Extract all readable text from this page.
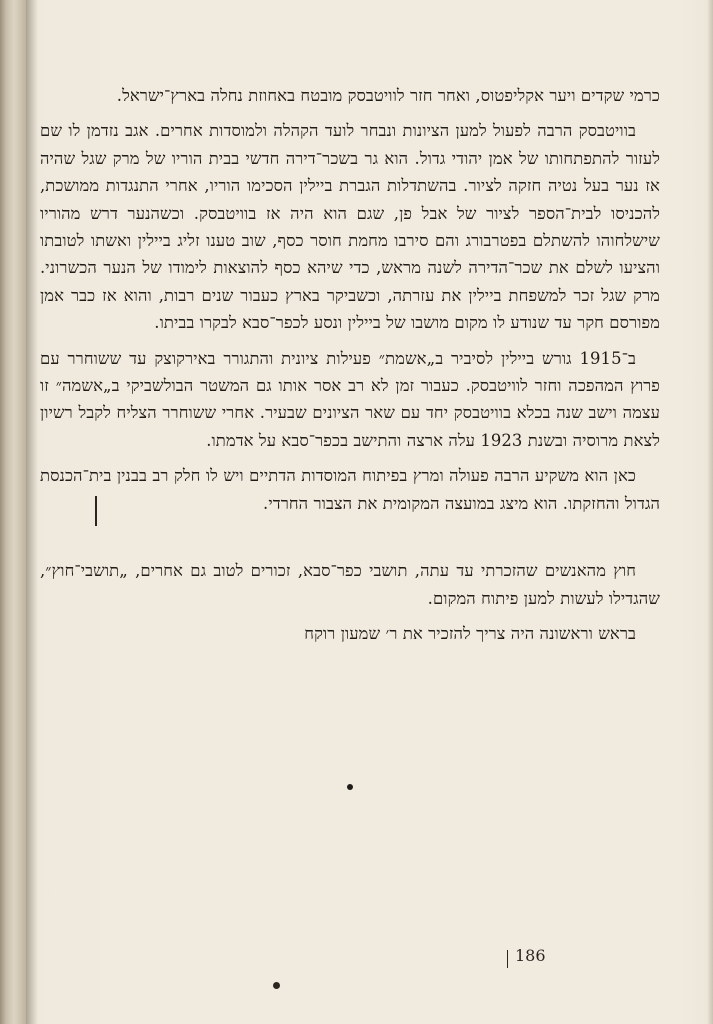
כרמי שקדים ויער אקליפטוס, ואחר חזר לוויטבסק מובטח באחוזת נחלה בארץ־ישראל.

בוויטבסק הרבה לפעול למען הציונות ונבחר לועד הקהלה ולמוסדות אחרים. אגב נזדמן לו שם לעזור להתפתחותו של אמן יהודי גדול. הוא גר בשכר־דירה חדשי בבית הוריו של מרק שגל שהיה אז נער בעל נטיה חזקה לציור. בהשתדלות הגברת ביילין הסכימו הוריו, אחרי התנגדות ממושכת, להכניסו לבית־הספר לציור של אבל פן, שגם הוא היה אז בוויטבסק. וכשהנער דרש מהוריו שישלחוהו להשתלם בפטרבורג והם סירבו מחמת חוסר כסף, שוב טענו זליג ביילין ואשתו לטובתו והציעו לשלם את שכר־הדירה לשנה מראש, כדי שיהא כסף להוצאות לימודו של הנער הכשרוני. מרק שגל זכר למשפחת ביילין את עזרתה, וכשביקר בארץ כעבור שנים רבות, והוא אז כבר אמן מפורסם חקר עד שנודע לו מקום מושבו של ביילין ונסע לכפר־סבא לבקרו בביתו.

ב־1915 גורש ביילין לסיביר ב„אשמת״ פעילות ציונית והתגורר באירקוצק עד ששוחרר עם פרוץ המהפכה וחזר לוויטבסק. כעבור זמן לא רב אסר אותו גם המשטר הבולשביקי ב„אשמה״ זו עצמה וישב שנה בכלא בוויטבסק יחד עם שאר הציונים שבעיר. אחרי ששוחרר הצליח לקבל רשיון לצאת מרוסיה ובשנת 1923 עלה ארצה והתישב בכפר־סבא על אדמתו.

כאן הוא משקיע הרבה פעולה ומרץ בפיתוח המוסדות הדתיים ויש לו חלק רב בבנין בית־הכנסת הגדול והחזקתו. הוא מיצג במועצה המקומית את הצבור החרדי.

חוץ מהאנשים שהזכרתי עד עתה, תושבי כפר־סבא, זכורים לטוב גם אחרים, „תושבי־חוץ״, שהגדילו לעשות למען פיתוח המקום.

בראש וראשונה היה צריך להזכיר את ר׳ שמעון רוקח

186
